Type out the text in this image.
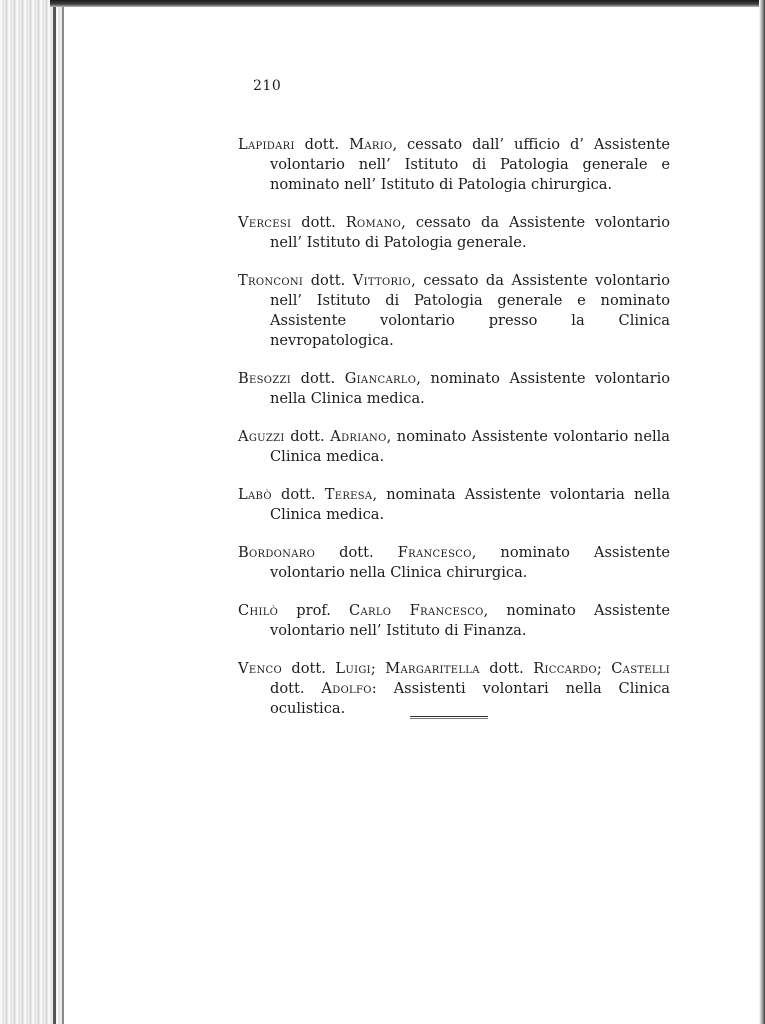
210

Lapidari dott. Mario, cessato dall’ ufficio d’ Assistente volontario nell’ Istituto di Patologia generale e nominato nell’ Istituto di Patologia chirurgica.

Vercesi dott. Romano, cessato da Assistente volontario nell’ Istituto di Patologia generale.

Tronconi dott. Vittorio, cessato da Assistente volontario nell’ Istituto di Patologia generale e nominato Assistente volontario presso la Clinica nevropatologica.

Besozzi dott. Giancarlo, nominato Assistente volontario nella Clinica medica.

Aguzzi dott. Adriano, nominato Assistente volontario nella Clinica medica.

Labò dott. Teresa, nominata Assistente volontaria nella Clinica medica.

Bordonaro dott. Francesco, nominato Assistente volontario nella Clinica chirurgica.

Chilò prof. Carlo Francesco, nominato Assistente volontario nell’ Istituto di Finanza.

Venco dott. Luigi; Margaritella dott. Riccardo; Castelli dott. Adolfo: Assistenti volontari nella Clinica oculistica.
